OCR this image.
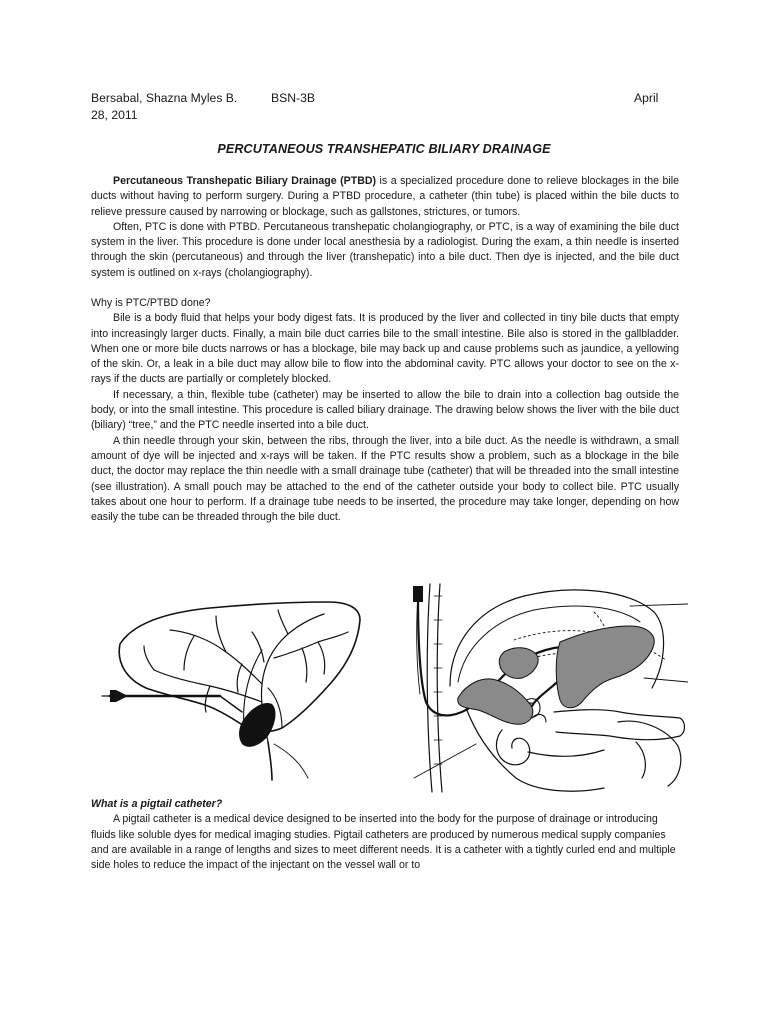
Bersabal, Shazna Myles B.	BSN-3B	April
28, 2011
PERCUTANEOUS TRANSHEPATIC BILIARY DRAINAGE

Percutaneous Transhepatic Biliary Drainage (PTBD) is a specialized procedure done to relieve blockages in the bile ducts without having to perform surgery. During a PTBD procedure, a catheter (thin tube) is placed within the bile ducts to relieve pressure caused by narrowing or blockage, such as gallstones, strictures, or tumors.

Often, PTC is done with PTBD. Percutaneous transhepatic cholangiography, or PTC, is a way of examining the bile duct system in the liver. This procedure is done under local anesthesia by a radiologist. During the exam, a thin needle is inserted through the skin (percutaneous) and through the liver (transhepatic) into a bile duct. Then dye is injected, and the bile duct system is outlined on x-rays (cholangiography).

Why is PTC/PTBD done?

Bile is a body fluid that helps your body digest fats. It is produced by the liver and collected in tiny bile ducts that empty into increasingly larger ducts. Finally, a main bile duct carries bile to the small intestine. Bile also is stored in the gallbladder. When one or more bile ducts narrows or has a blockage, bile may back up and cause problems such as jaundice, a yellowing of the skin. Or, a leak in a bile duct may allow bile to flow into the abdominal cavity. PTC allows your doctor to see on the x-rays if the ducts are partially or completely blocked.

If necessary, a thin, flexible tube (catheter) may be inserted to allow the bile to drain into a collection bag outside the body, or into the small intestine. This procedure is called biliary drainage. The drawing below shows the liver with the bile duct (biliary) “tree,” and the PTC needle inserted into a bile duct.

A thin needle through your skin, between the ribs, through the liver, into a bile duct. As the needle is withdrawn, a small amount of dye will be injected and x-rays will be taken. If the PTC results show a problem, such as a blockage in the bile duct, the doctor may replace the thin needle with a small drainage tube (catheter) that will be threaded into the small intestine (see illustration). A small pouch may be attached to the end of the catheter outside your body to collect bile. PTC usually takes about one hour to perform. If a drainage tube needs to be inserted, the procedure may take longer, depending on how easily the tube can be threaded through the bile duct.

What is a pigtail catheter?

A pigtail catheter is a medical device designed to be inserted into the body for the purpose of drainage or introducing fluids like soluble dyes for medical imaging studies. Pigtail catheters are produced by numerous medical supply companies and are available in a range of lengths and sizes to meet different needs. It is a catheter with a tightly curled end and multiple side holes to reduce the impact of the injectant on the vessel wall or to
